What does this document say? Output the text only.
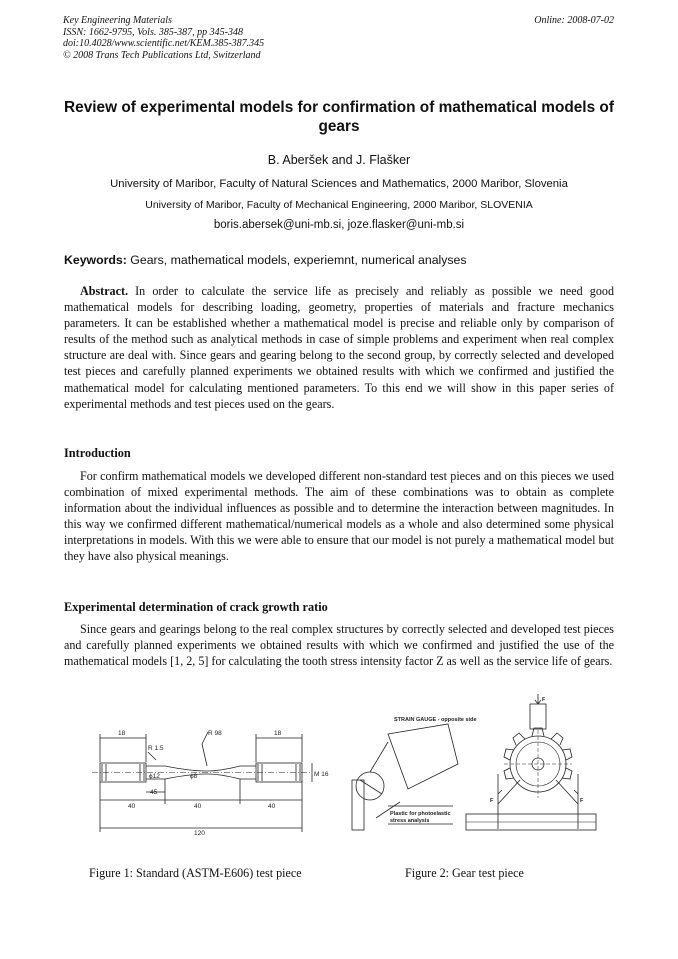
Key Engineering Materials
ISSN: 1662-9795, Vols. 385-387, pp 345-348
doi:10.4028/www.scientific.net/KEM.385-387.345
© 2008 Trans Tech Publications Ltd, Switzerland
Online: 2008-07-02
Review of experimental models for confirmation of mathematical models of gears
B. Aberšek and J. Flašker
University of Maribor, Faculty of Natural Sciences and Mathematics, 2000 Maribor, Slovenia
University of Maribor, Faculty of Mechanical Engineering, 2000 Maribor, SLOVENIA
boris.abersek@uni-mb.si, joze.flasker@uni-mb.si
Keywords: Gears, mathematical models, experiemnt, numerical analyses

Abstract. In order to calculate the service life as precisely and reliably as possible we need good mathematical models for describing loading, geometry, properties of materials and fracture mechanics parameters. It can be established whether a mathematical model is precise and reliable only by comparison of results of the method such as analytical methods in case of simple problems and experiment when real complex structure are deal with. Since gears and gearing belong to the second group, by correctly selected and developed test pieces and carefully planned experiments we obtained results with which we confirmed and justified the mathematical model for calculating mentioned parameters. To this end we will show in this paper series of experimental methods and test pieces used on the gears.

Introduction

For confirm mathematical models we developed different non-standard test pieces and on this pieces we used combination of mixed experimental methods. The aim of these combinations was to obtain as complete information about the individual influences as possible and to determine the interaction between magnitudes. In this way we confirmed different mathematical/numerical models as a whole and also determined some physical interpretations in models. With this we were able to ensure that our model is not purely a mathematical model but they have also physical meanings.

Experimental determination of crack growth ratio

Since gears and gearings belong to the real complex structures by correctly selected and developed test pieces and carefully planned experiments we obtained results with which we confirmed and justified the use of the mathematical models [1, 2, 5] for calculating the tooth stress intensity factor Z as well as the service life of gears.

18	18
R 1.5
R 98
ϕ12	ϕ8	M 16
45
40	40	40
120
STRAIN GAUGE - opposite side
Plastic for photoelastic
stress analysis
F
F	F
Figure 1: Standard (ASTM-E606) test piece	Figure 2: Gear test piece
